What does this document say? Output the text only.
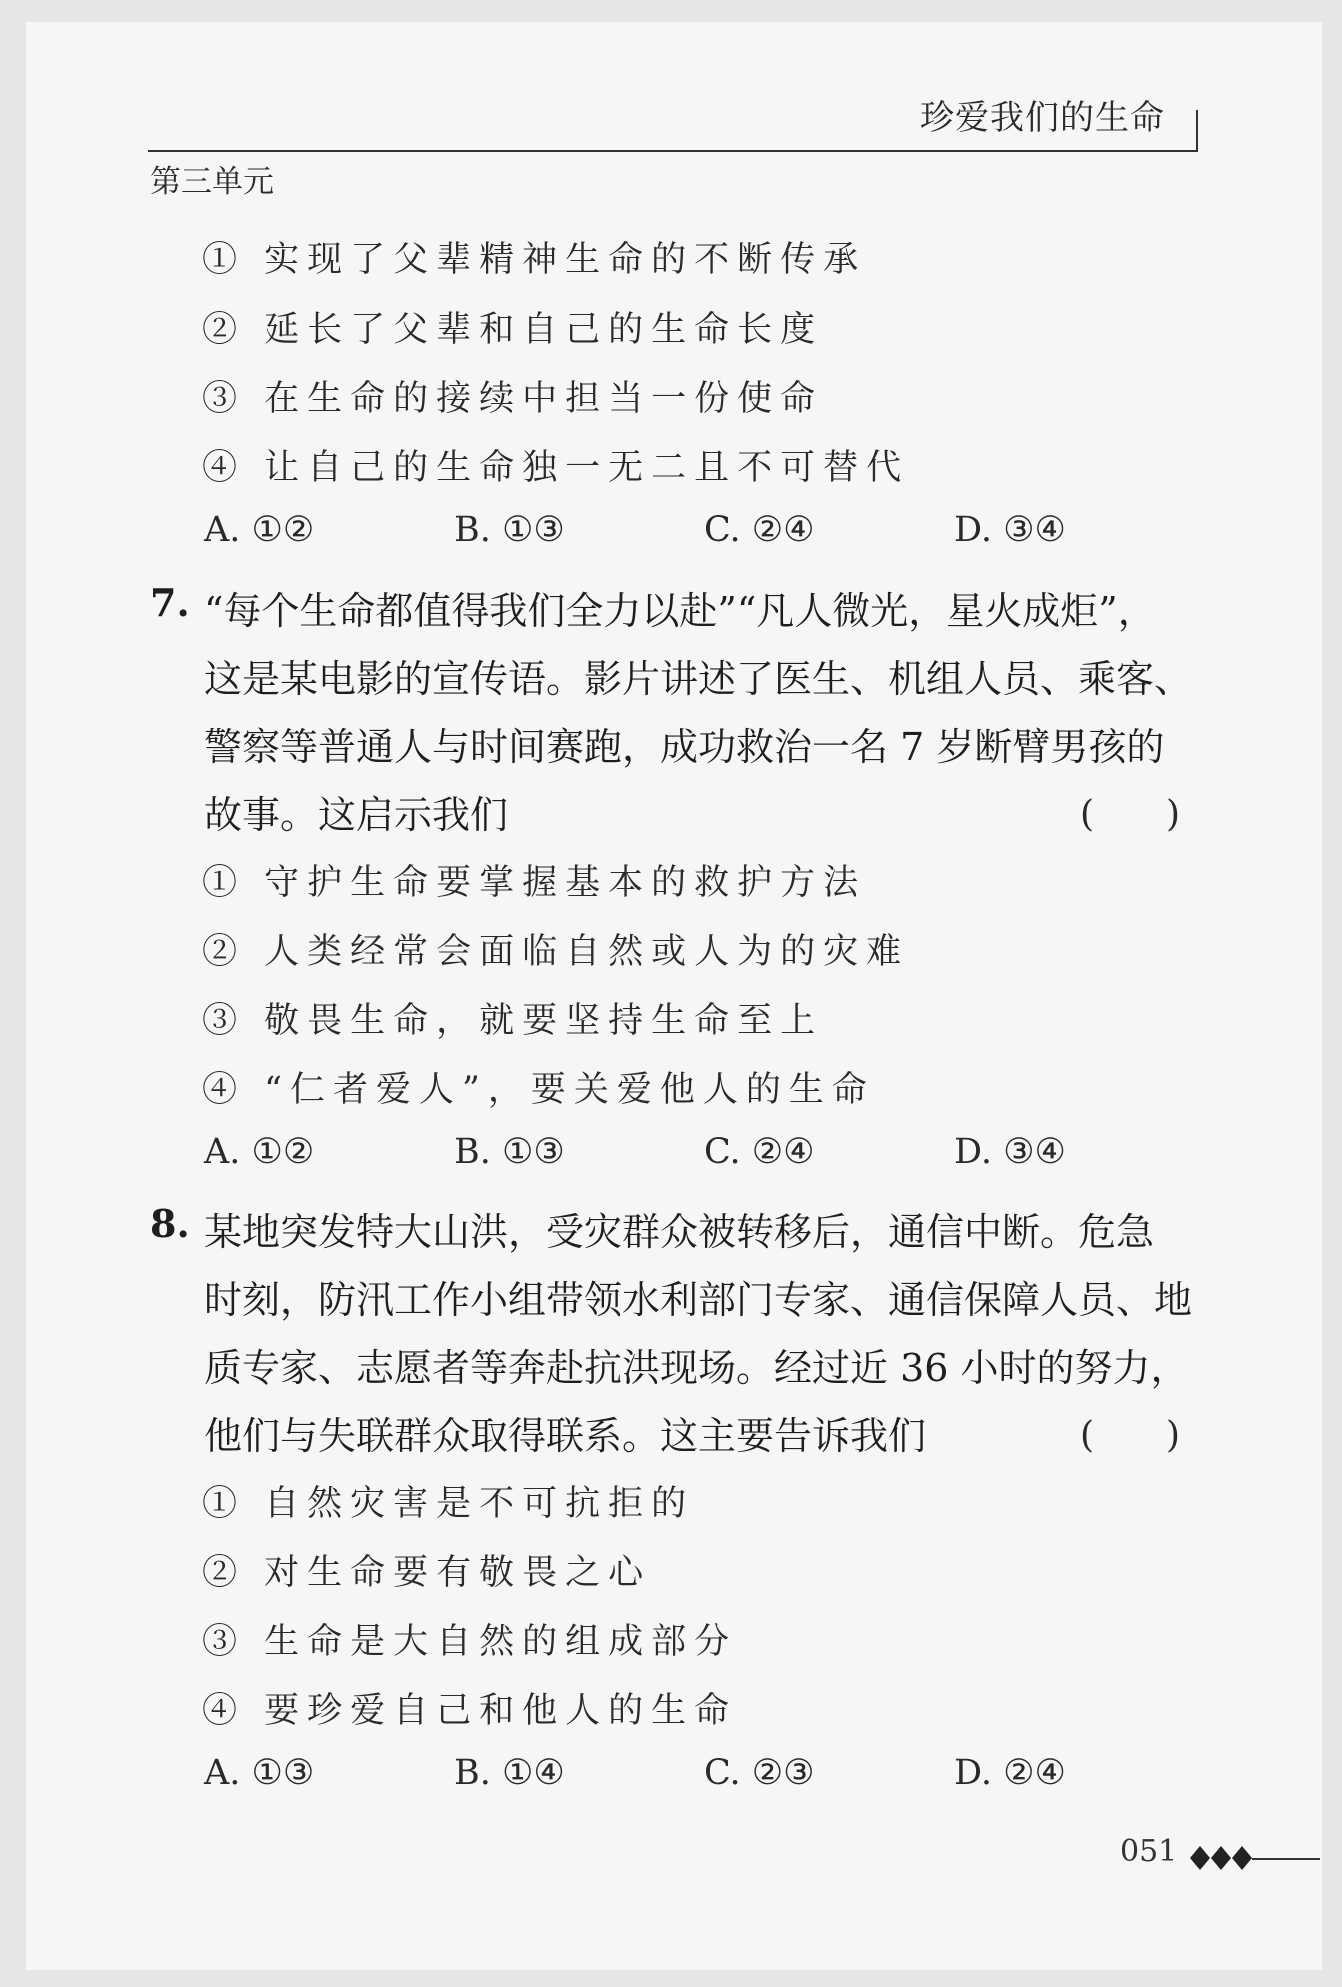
珍爱我们的生命
第三单元
① 实现了父辈精神生命的不断传承
② 延长了父辈和自己的生命长度
③ 在生命的接续中担当一份使命
④ 让自己的生命独一无二且不可替代
A. ①②	B. ①③	C. ②④	D. ③④
7. “每个生命都值得我们全力以赴”“凡人微光，星火成炬”，
这是某电影的宣传语。影片讲述了医生、机组人员、乘客、
警察等普通人与时间赛跑，成功救治一名 7 岁断臂男孩的
故事。这启示我们	(　　)
① 守护生命要掌握基本的救护方法
② 人类经常会面临自然或人为的灾难
③ 敬畏生命，就要坚持生命至上
④ “仁者爱人”，要关爱他人的生命
A. ①②	B. ①③	C. ②④	D. ③④
8. 某地突发特大山洪，受灾群众被转移后，通信中断。危急
时刻，防汛工作小组带领水利部门专家、通信保障人员、地
质专家、志愿者等奔赴抗洪现场。经过近 36 小时的努力，
他们与失联群众取得联系。这主要告诉我们	(　　)
① 自然灾害是不可抗拒的
② 对生命要有敬畏之心
③ 生命是大自然的组成部分
④ 要珍爱自己和他人的生命
A. ①③	B. ①④	C. ②③	D. ②④
051
